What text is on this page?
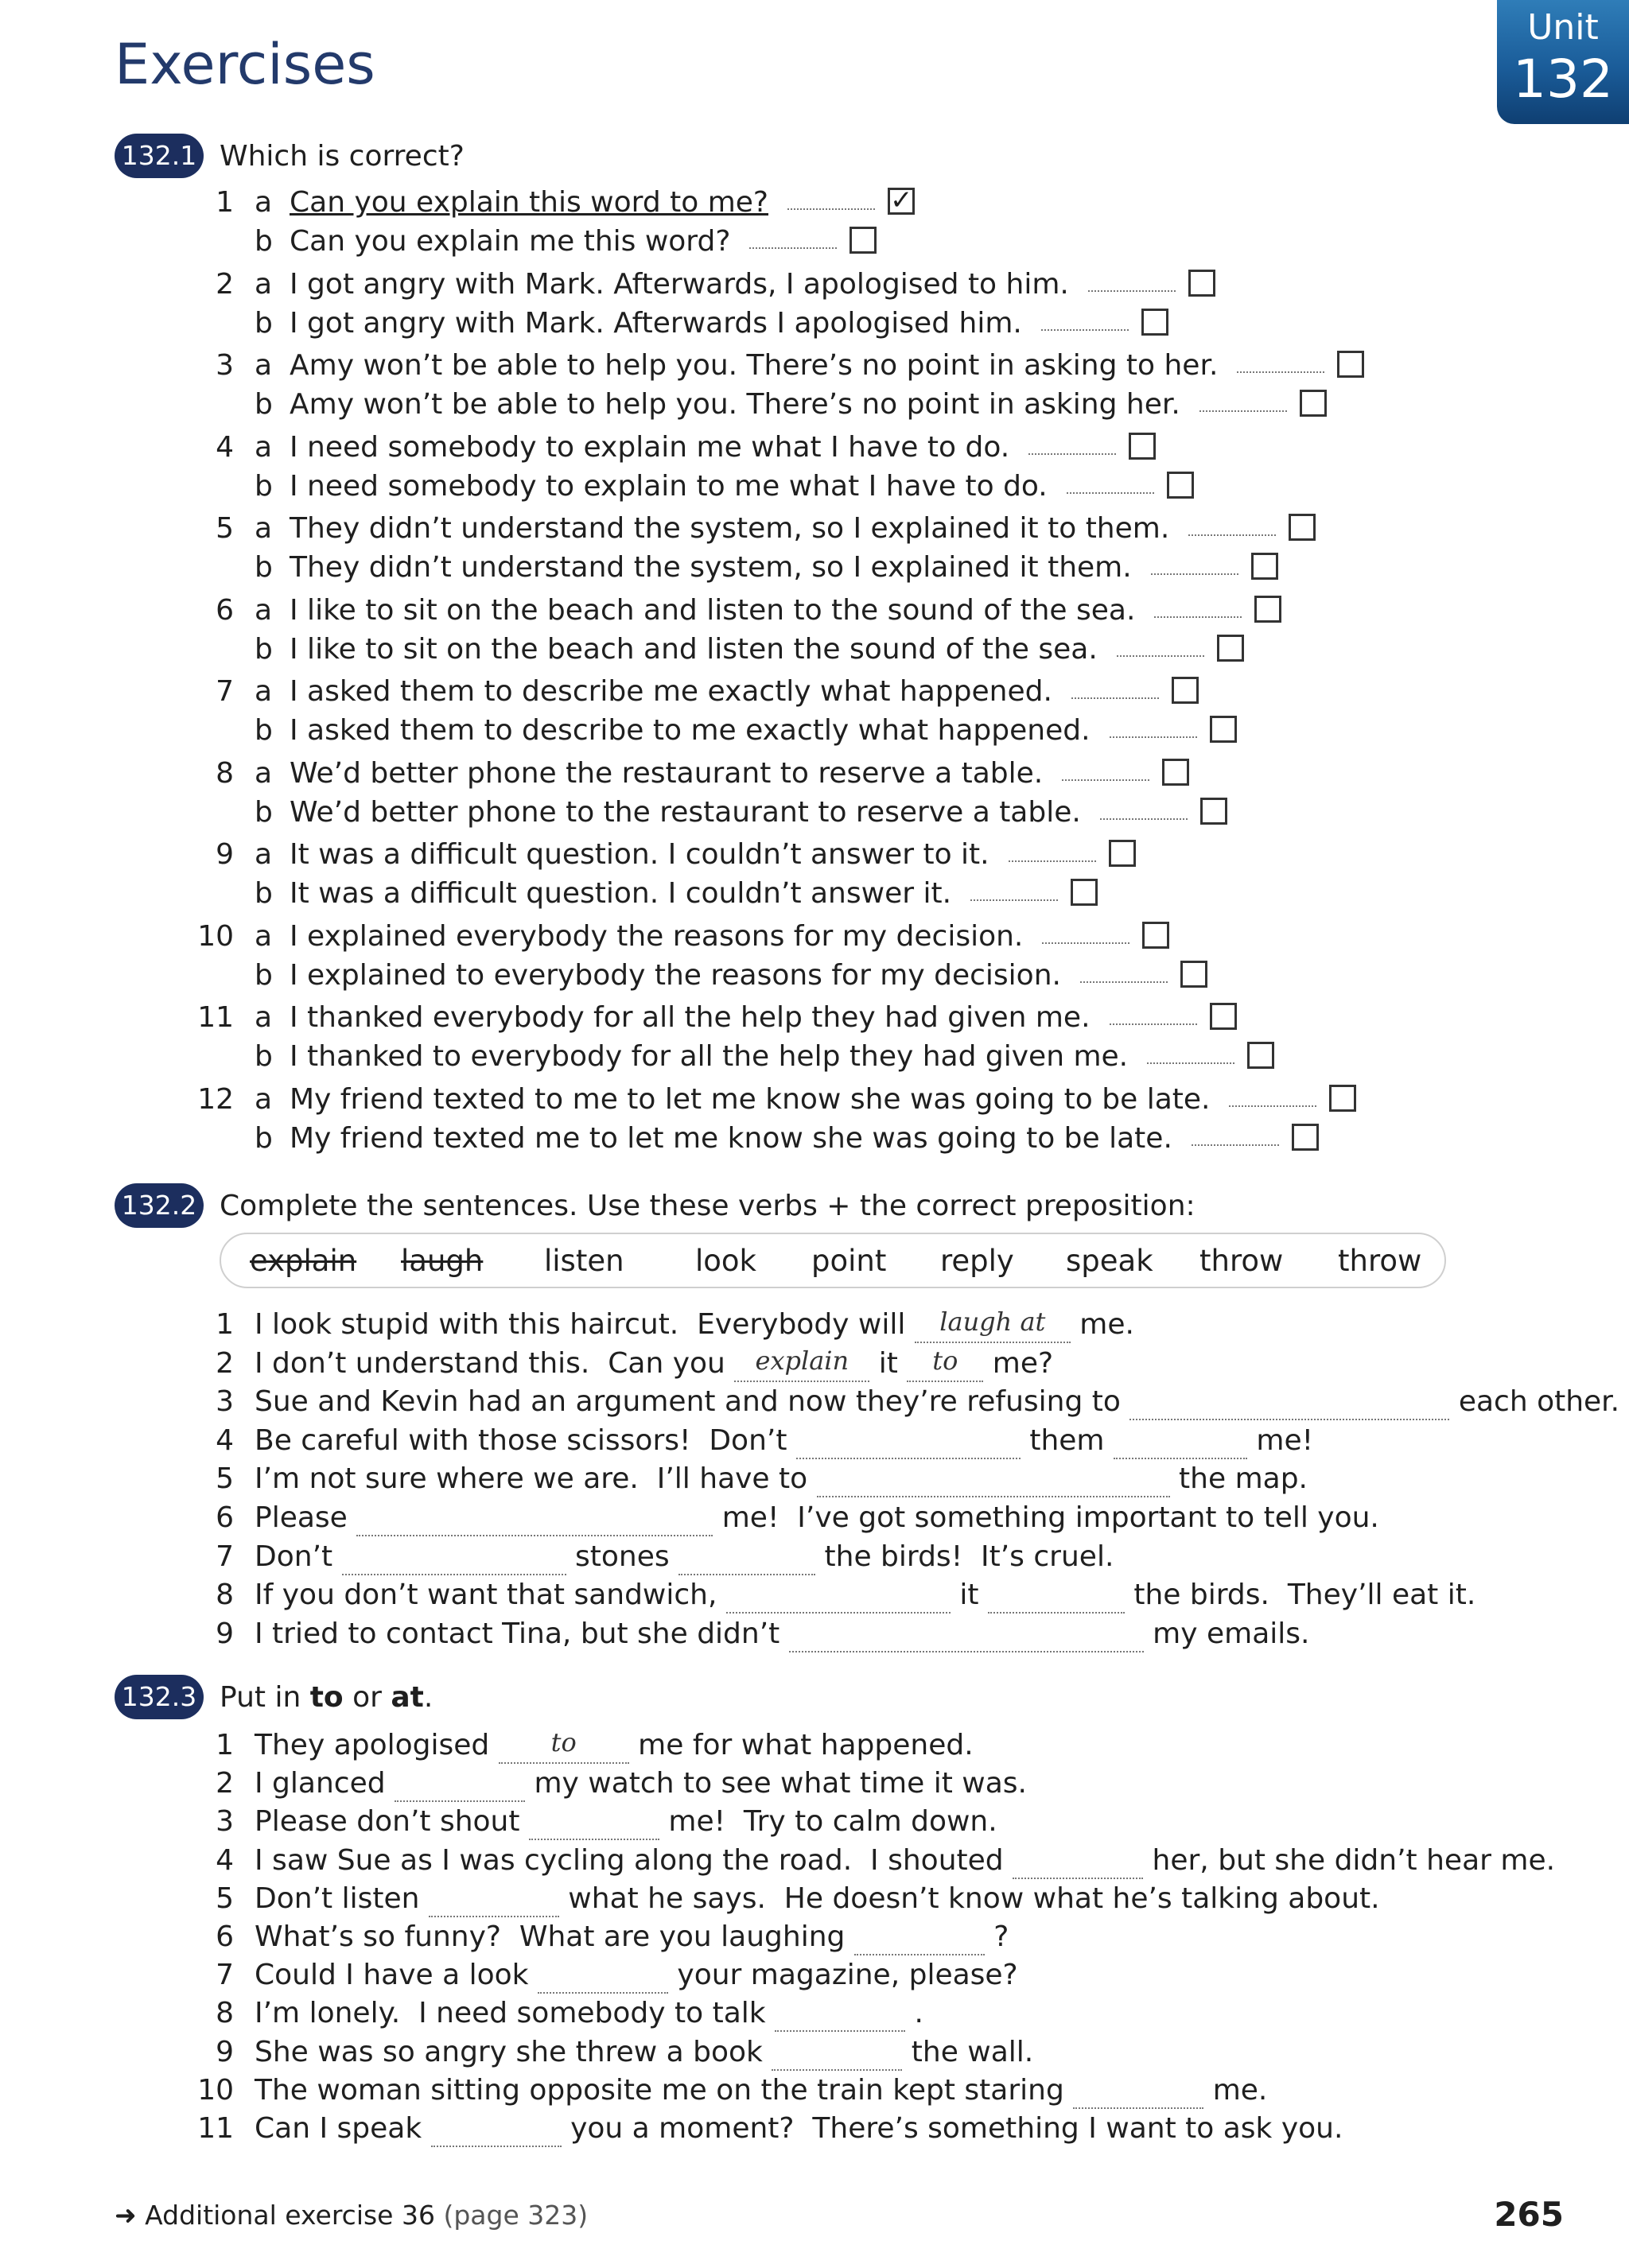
Exercises
Unit
132
132.1 Which is correct?
1 a Can you explain this word to me?	✓
b Can you explain me this word?
2 a I got angry with Mark. Afterwards, I apologised to him.
b I got angry with Mark. Afterwards I apologised him.
3 a Amy won’t be able to help you. There’s no point in asking to her.
b Amy won’t be able to help you. There’s no point in asking her.
4 a I need somebody to explain me what I have to do.
b I need somebody to explain to me what I have to do.
5 a They didn’t understand the system, so I explained it to them.
b They didn’t understand the system, so I explained it them.
6 a I like to sit on the beach and listen to the sound of the sea.
b I like to sit on the beach and listen the sound of the sea.
7 a I asked them to describe me exactly what happened.
b I asked them to describe to me exactly what happened.
8 a We’d better phone the restaurant to reserve a table.
b We’d better phone to the restaurant to reserve a table.
9 a It was a difficult question. I couldn’t answer to it.
b It was a difficult question. I couldn’t answer it.
10 a I explained everybody the reasons for my decision.
b I explained to everybody the reasons for my decision.
11 a I thanked everybody for all the help they had given me.
b I thanked to everybody for all the help they had given me.
12 a My friend texted to me to let me know she was going to be late.
b My friend texted me to let me know she was going to be late.
132.2 Complete the sentences. Use these verbs + the correct preposition:
explain laugh listen look point reply speak throw throw
1 I look stupid with this haircut.  Everybody will laugh at me.
2 I don’t understand this.  Can you explain it to me?
3 Sue and Kevin had an argument and now they’re refusing to	each other.
4 Be careful with those scissors!  Don’t	them	me!
5 I’m not sure where we are.  I’ll have to	the map.
6 Please	me!  I’ve got something important to tell you.
7 Don’t	stones	the birds!  It’s cruel.
8 If you don’t want that sandwich,	it	the birds.  They’ll eat it.
9 I tried to contact Tina, but she didn’t	my emails.
132.3 Put in to or at.
1 They apologised	to	me for what happened.
2 I glanced	my watch to see what time it was.
3 Please don’t shout	me!  Try to calm down.
4 I saw Sue as I was cycling along the road.  I shouted	her, but she didn’t hear me.
5 Don’t listen	what he says.  He doesn’t know what he’s talking about.
6 What’s so funny?  What are you laughing	?
7 Could I have a look	your magazine, please?
8 I’m lonely.  I need somebody to talk	.
9 She was so angry she threw a book	the wall.
10 The woman sitting opposite me on the train kept staring	me.
11 Can I speak	you a moment?  There’s something I want to ask you.
➜ Additional exercise 36 (page 323)	265
